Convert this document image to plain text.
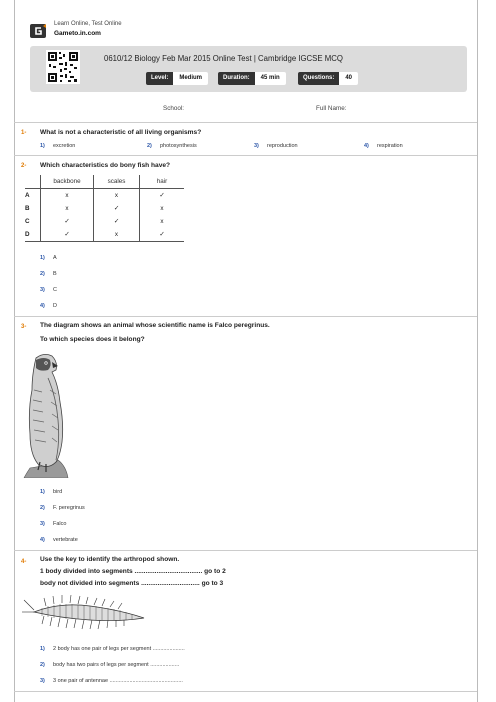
Learn Online, Test Online
Gameto.in.com
0610/12 Biology Feb Mar 2015 Online Test | Cambridge IGCSE MCQ
Level:	Medium	Duration:	45 min	Questions:	40
School:	Full Name:
1- What is not a characteristic of all living organisms?
1) excretion	2) photosynthesis	3) reproduction	4) respiration
2- Which characteristics do bony fish have?
	backbone	scales	hair
A	x	x	✓
B	x	✓	x
C	✓	✓	x
D	✓	x	✓
1) A
2) B
3) C
4) D
3- The diagram shows an animal whose scientific name is Falco peregrinus.
To which species does it belong?
1) bird
2) F. peregrinus
3) Falco
4) vertebrate
4- Use the key to identify the arthropod shown.
1 body divided into segments ..................................... go to 2
body not divided into segments ................................ go to 3
1) 2 body has one pair of legs per segment .....................
2) body has two pairs of legs per segment ...................
3) 3 one pair of antennae ................................................
